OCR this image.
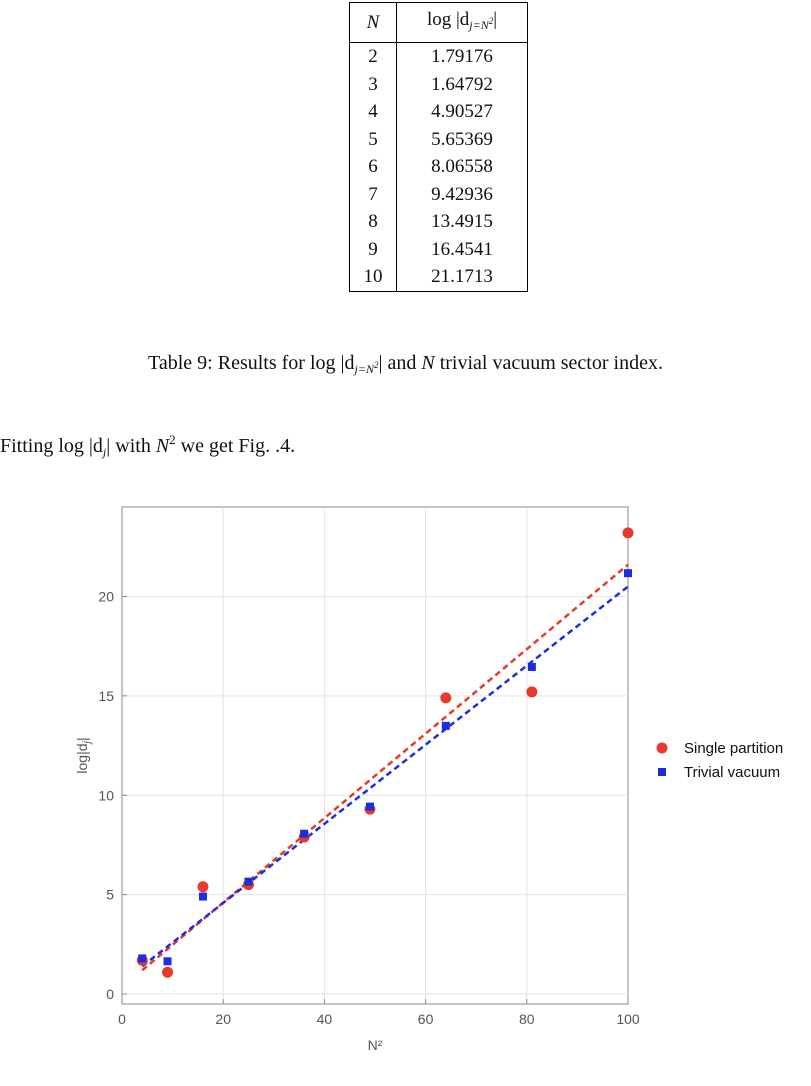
N	$\log |d_{j=N^2}|$
2	1.79176
3	1.64792
4	4.90527
5	5.65369
6	8.06558
7	9.42936
8	13.4915
9	16.4541
10	21.1713
Table 9: Results for $\log |d_{j=N^2}|$ and N trivial vacuum sector index.
Fitting $\log |d_j|$ with $N^2$ we get Fig. .4.
0	20	40	60	80	100
0
5
10
15
20
N²
$\log|d_j|$
Single partition
Trivial vacuum
